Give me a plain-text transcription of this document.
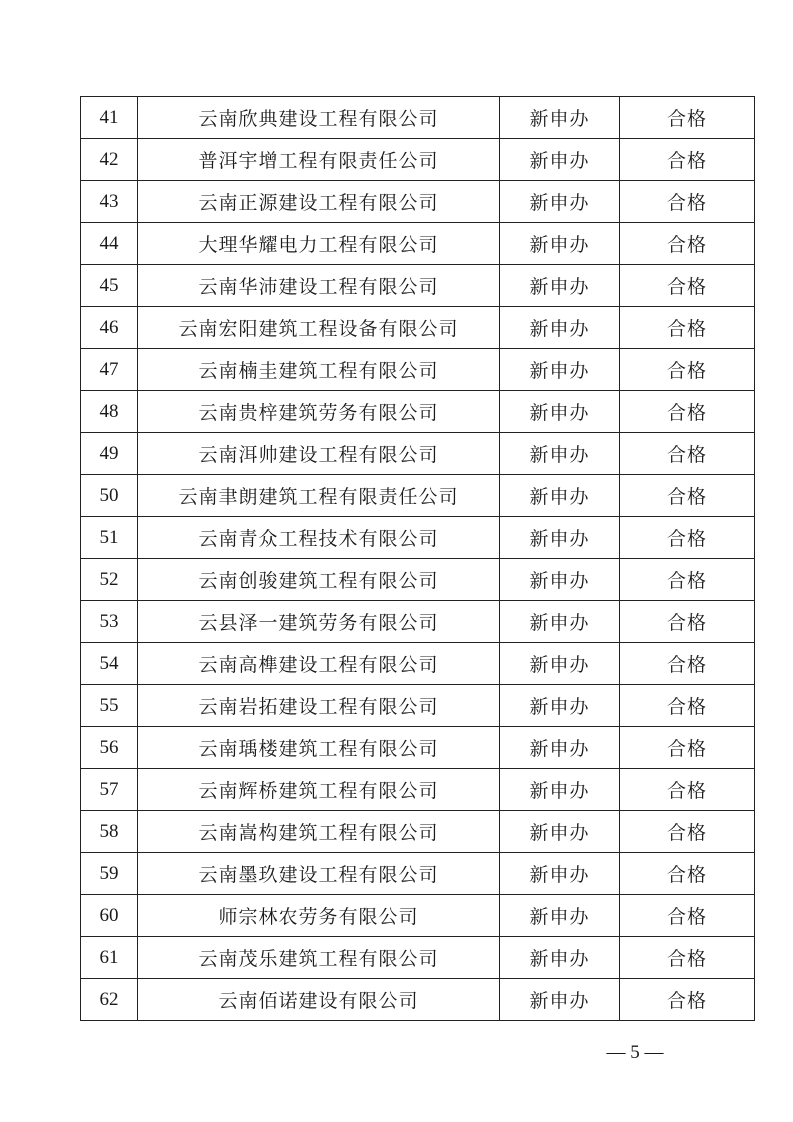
41	云南欣典建设工程有限公司	新申办	合格
42	普洱宇增工程有限责任公司	新申办	合格
43	云南正源建设工程有限公司	新申办	合格
44	大理华耀电力工程有限公司	新申办	合格
45	云南华沛建设工程有限公司	新申办	合格
46	云南宏阳建筑工程设备有限公司	新申办	合格
47	云南楠圭建筑工程有限公司	新申办	合格
48	云南贵梓建筑劳务有限公司	新申办	合格
49	云南洱帅建设工程有限公司	新申办	合格
50	云南聿朗建筑工程有限责任公司	新申办	合格
51	云南青众工程技术有限公司	新申办	合格
52	云南创骏建筑工程有限公司	新申办	合格
53	云县泽一建筑劳务有限公司	新申办	合格
54	云南高榫建设工程有限公司	新申办	合格
55	云南岩拓建设工程有限公司	新申办	合格
56	云南瑀楼建筑工程有限公司	新申办	合格
57	云南辉桥建筑工程有限公司	新申办	合格
58	云南嵩构建筑工程有限公司	新申办	合格
59	云南墨玖建设工程有限公司	新申办	合格
60	师宗林农劳务有限公司	新申办	合格
61	云南茂乐建筑工程有限公司	新申办	合格
62	云南佰诺建设有限公司	新申办	合格
— 5 —
